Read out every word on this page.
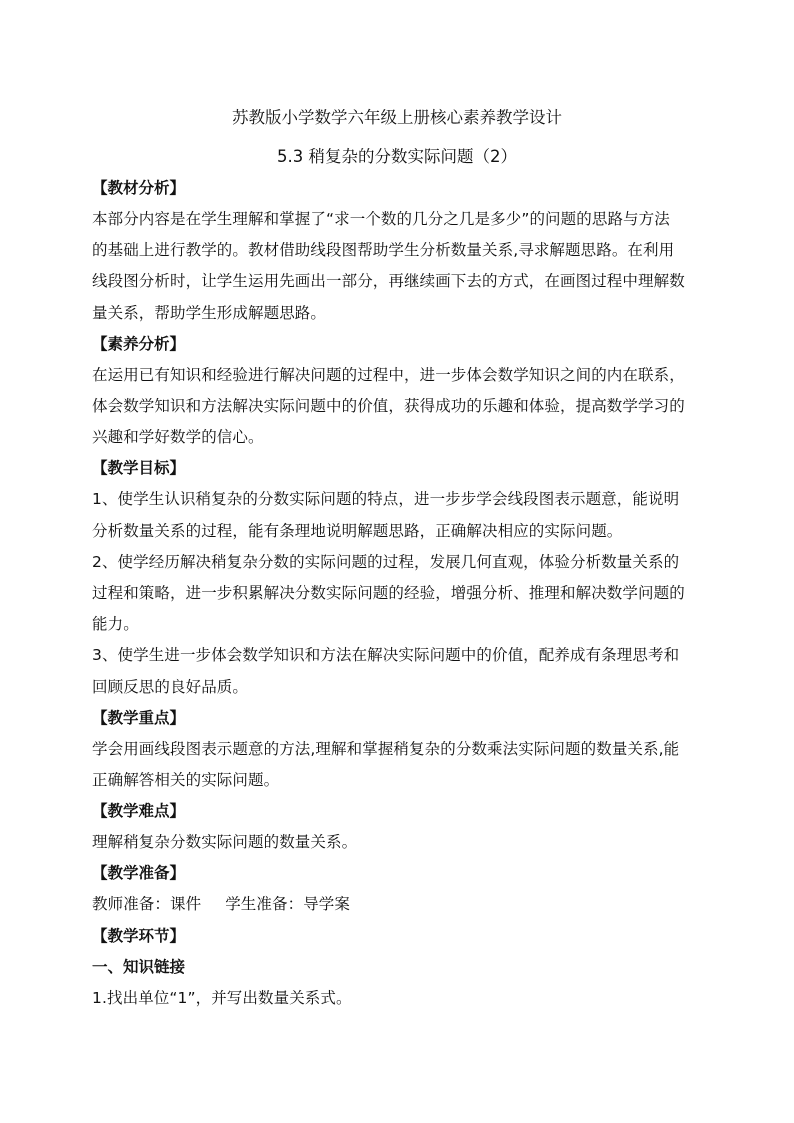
苏教版小学数学六年级上册核心素养教学设计
5.3 稍复杂的分数实际问题（2）
【教材分析】
本部分内容是在学生理解和掌握了“求一个数的几分之几是多少”的问题的思路与方法
的基础上进行教学的。教材借助线段图帮助学生分析数量关系,寻求解题思路。在利用
线段图分析时，让学生运用先画出一部分，再继续画下去的方式，在画图过程中理解数
量关系，帮助学生形成解题思路。
【素养分析】
在运用已有知识和经验进行解决问题的过程中，进一步体会数学知识之间的内在联系，
体会数学知识和方法解决实际问题中的价值，获得成功的乐趣和体验，提高数学学习的
兴趣和学好数学的信心。
【教学目标】
1、使学生认识稍复杂的分数实际问题的特点，进一步步学会线段图表示题意，能说明
分析数量关系的过程，能有条理地说明解题思路，正确解决相应的实际问题。
2、使学经历解决稍复杂分数的实际问题的过程，发展几何直观，体验分析数量关系的
过程和策略，进一步积累解决分数实际问题的经验，增强分析、推理和解决数学问题的
能力。
3、使学生进一步体会数学知识和方法在解决实际问题中的价值，配养成有条理思考和
回顾反思的良好品质。
【教学重点】
学会用画线段图表示题意的方法,理解和掌握稍复杂的分数乘法实际问题的数量关系,能
正确解答相关的实际问题。
【教学难点】
理解稍复杂分数实际问题的数量关系。
【教学准备】
教师准备：课件 学生准备：导学案
【教学环节】
一、知识链接
1.找出单位“1”，并写出数量关系式。
